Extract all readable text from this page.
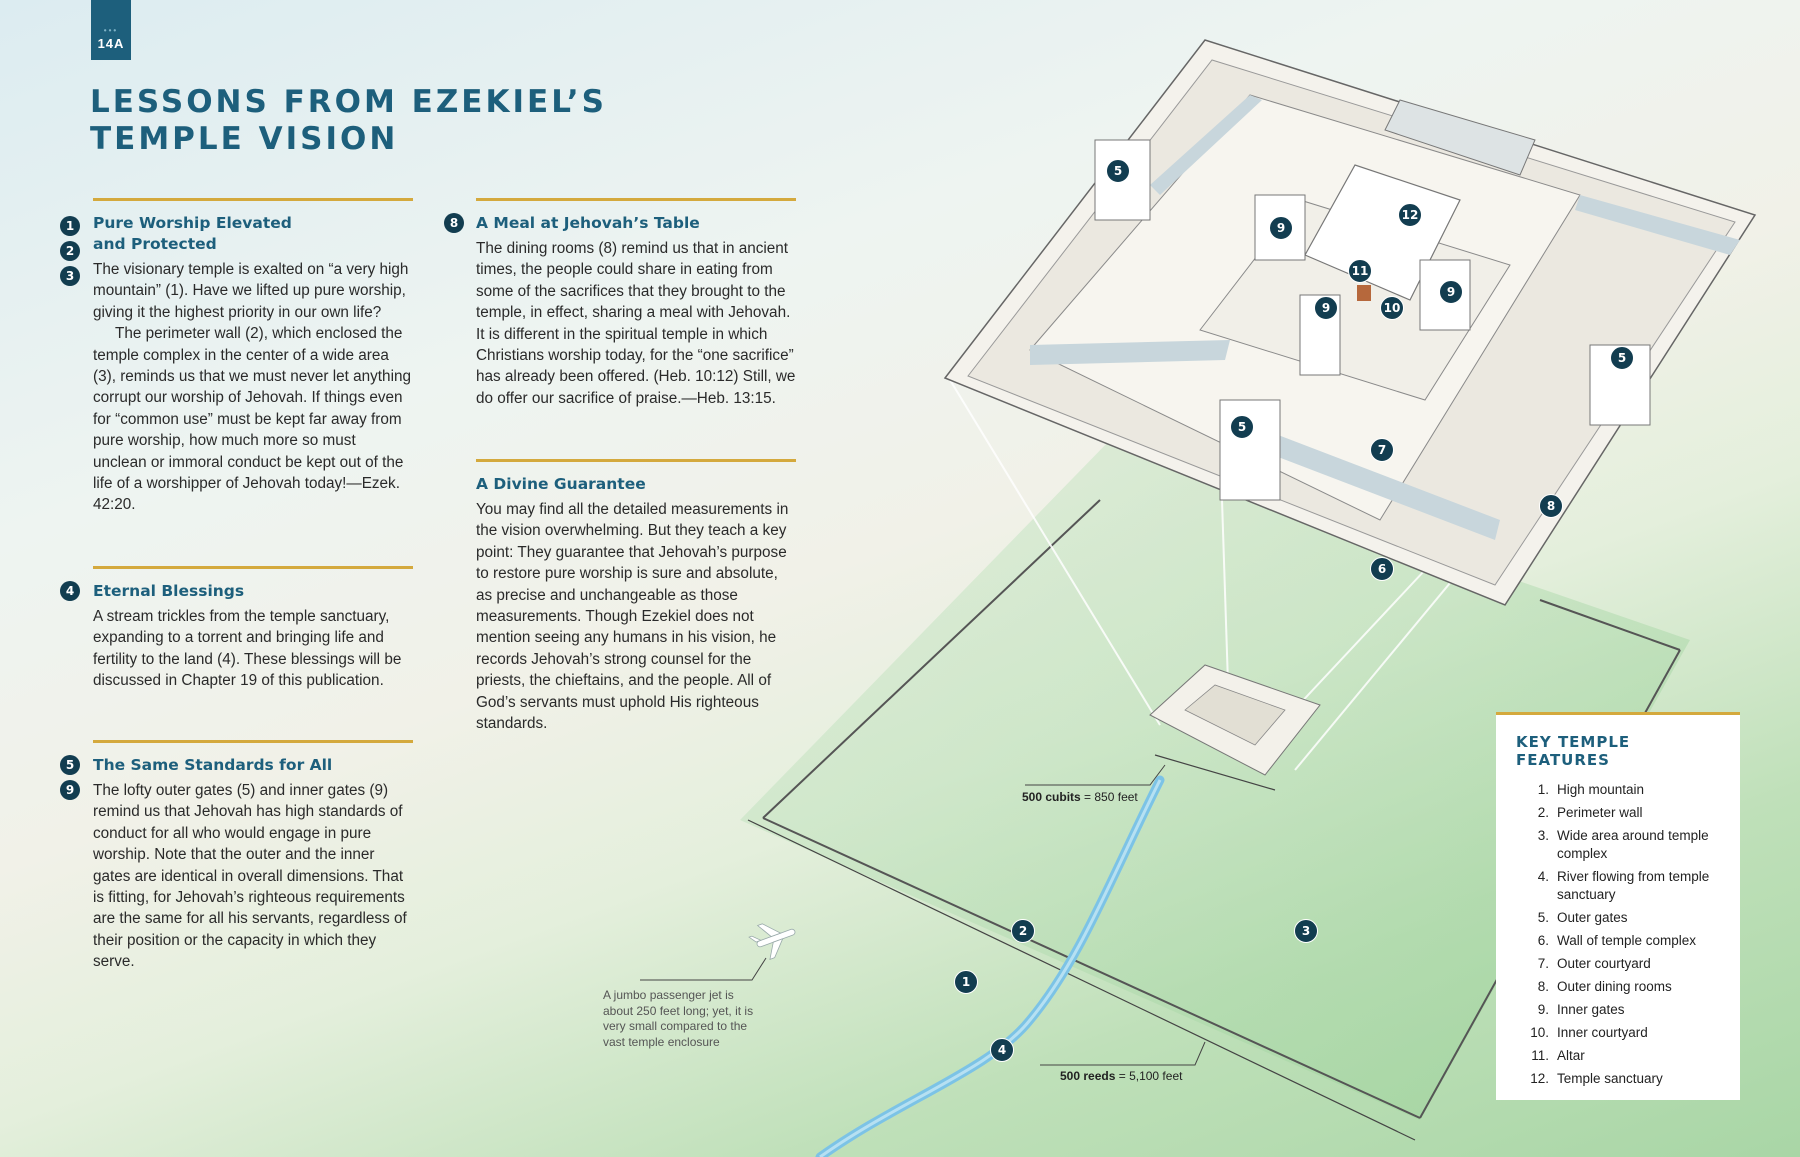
•••
14A
LESSONS FROM EZEKIEL’S
TEMPLE VISION
1
2
3
Pure Worship Elevated
and Protected

The visionary temple is exalted on “a very high mountain” (1). Have we lifted up pure worship, giving it the highest priority in our own life?

The perimeter wall (2), which enclosed the temple complex in the center of a wide area (3), reminds us that we must never let anything corrupt our worship of Jehovah. If things even for “common use” must be kept far away from pure worship, how much more so must unclean or immoral conduct be kept out of the life of a worshipper of Jehovah today!—Ezek. 42:20.

4	Eternal Blessings

A stream trickles from the temple sanctuary, expanding to a torrent and bringing life and fertility to the land (4). These blessings will be discussed in Chapter 19 of this publication.

5
9
The Same Standards for All

The lofty outer gates (5) and inner gates (9) remind us that Jehovah has high standards of conduct for all who would engage in pure worship. Note that the outer and the inner gates are identical in overall dimensions. That is fitting, for Jehovah’s righteous requirements are the same for all his servants, regardless of their position or the capacity in which they serve.

8	A Meal at Jehovah’s Table

The dining rooms (8) remind us that in ancient times, the people could share in eating from some of the sacrifices that they brought to the temple, in effect, sharing a meal with Jehovah. It is different in the spiritual temple in which Christians worship today, for the “one sacrifice” has already been offered. (Heb. 10:12) Still, we do offer our sacrifice of praise.—Heb. 13:15.

A Divine Guarantee

You may find all the detailed measurements in the vision overwhelming. But they teach a key point: They guarantee that Jehovah’s purpose to restore pure worship is sure and absolute, as precise and unchangeable as those measurements. Though Ezekiel does not mention seeing any humans in his vision, he records Jehovah’s strong counsel for the priests, the chieftains, and the people. All of God’s servants must uphold His righteous standards.

5
9
12
11
9	10
9
5
5
7
8
6
2
1
3
4
500 cubits = 850 feet
500 reeds = 5,100 feet
A jumbo passenger jet is about 250 feet long; yet, it is very small compared to the vast temple enclosure
KEY TEMPLE FEATURES
1. High mountain
2. Perimeter wall
3. Wide area around temple complex
4. River flowing from temple sanctuary
5. Outer gates
6. Wall of temple complex
7. Outer courtyard
8. Outer dining rooms
9. Inner gates
10. Inner courtyard
11. Altar
12. Temple sanctuary
